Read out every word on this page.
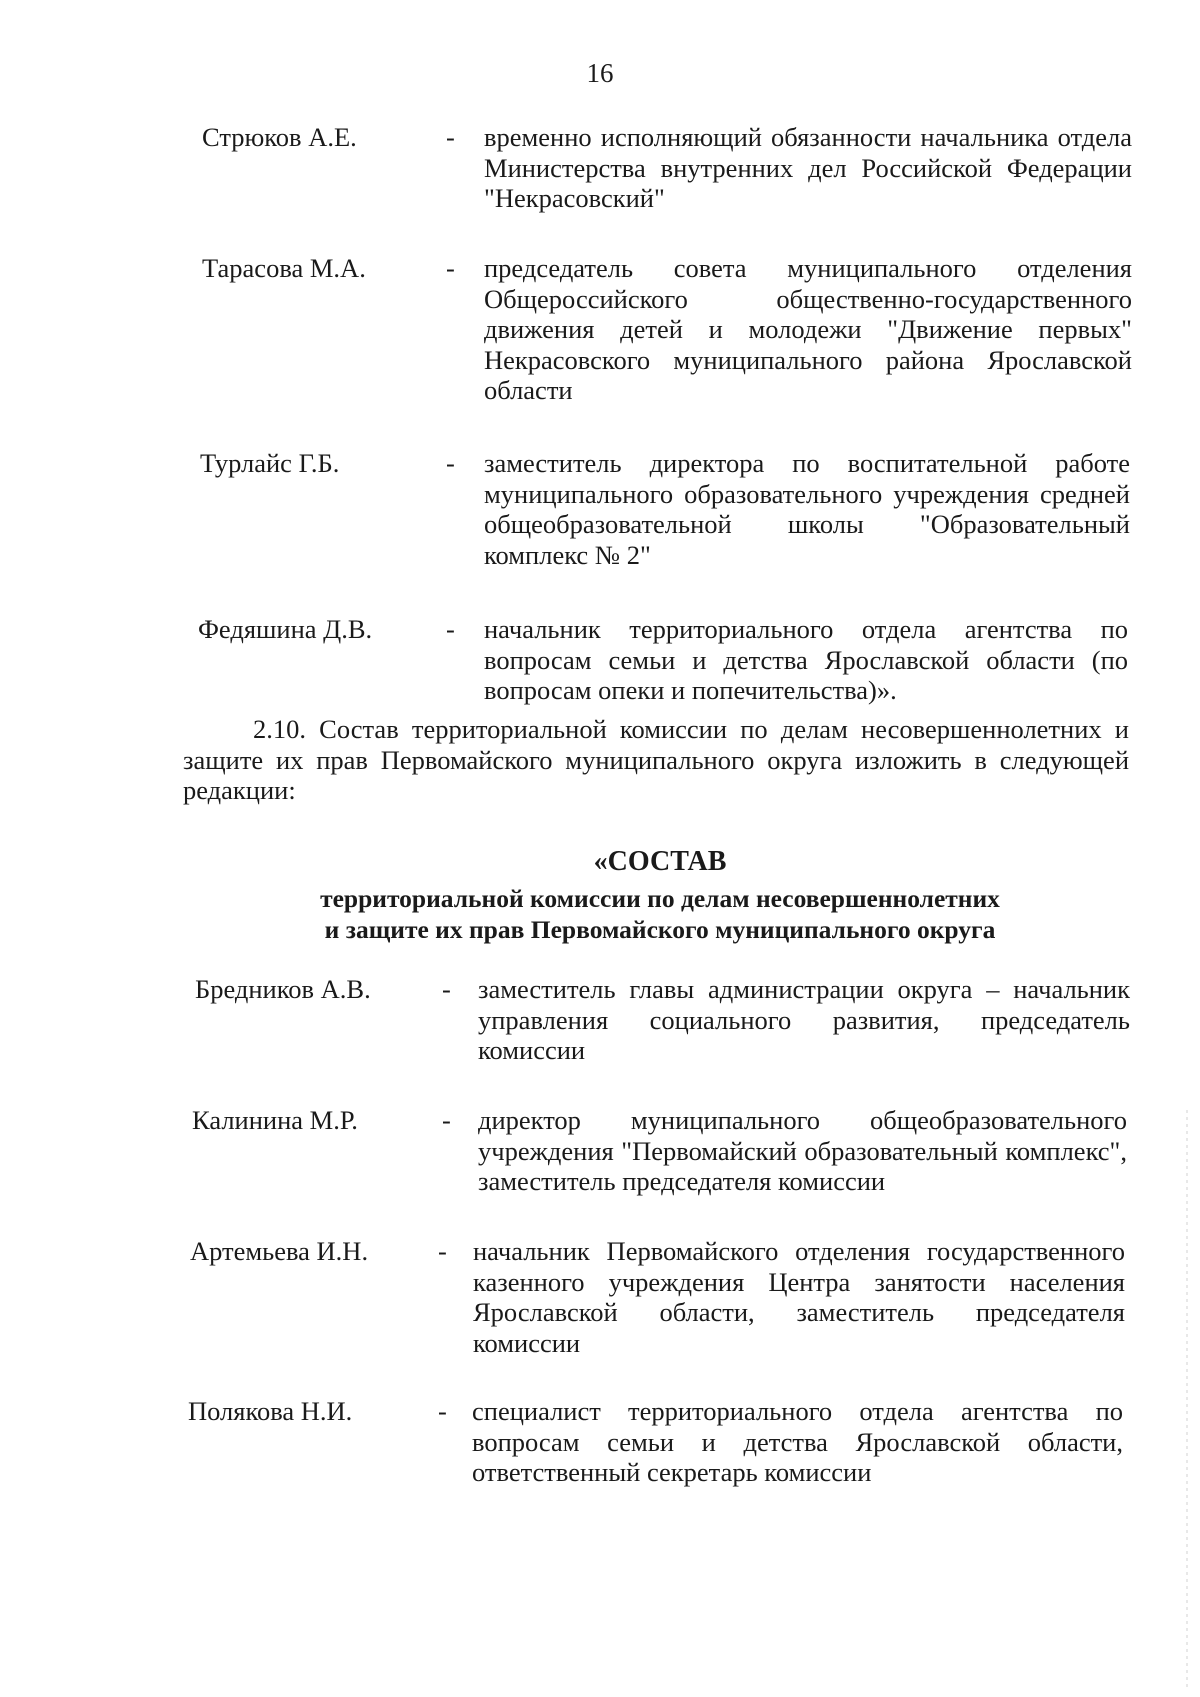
16
Стрюков А.Е.	- временно исполняющий обязанности начальника отдела Министерства внутренних дел Российской Федерации "Некрасовский"
Тарасова М.А.	- председатель совета муниципального отделения Общероссийского общественно-государственного движения детей и молодежи "Движение первых" Некрасовского муниципального района Ярославской области
Турлайс Г.Б.	- заместитель директора по воспитательной работе муниципального образовательного учреждения средней общеобразовательной школы "Образовательный комплекс № 2"
Федяшина Д.В.	- начальник территориального отдела агентства по вопросам семьи и детства Ярославской области (по вопросам опеки и попечительства)».
2.10. Состав территориальной комиссии по делам несовершеннолетних и защите их прав Первомайского муниципального округа изложить в следующей редакции:
«СОСТАВ
территориальной комиссии по делам несовершеннолетних
и защите их прав Первомайского муниципального округа
Бредников А.В.	- заместитель главы администрации округа – начальник управления социального развития, председатель комиссии
Калинина М.Р.	- директор муниципального общеобразовательного учреждения "Первомайский образовательный комплекс", заместитель председателя комиссии
Артемьева И.Н.	- начальник Первомайского отделения государственного казенного учреждения Центра занятости населения Ярославской области, заместитель председателя комиссии
Полякова Н.И.	- специалист территориального отдела агентства по вопросам семьи и детства Ярославской области, ответственный секретарь комиссии
